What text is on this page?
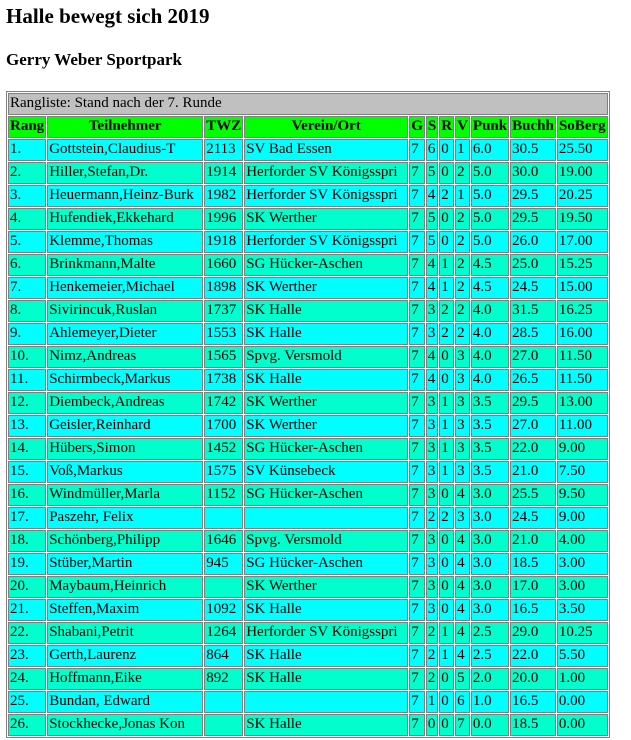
Halle bewegt sich 2019
Gerry Weber Sportpark
Rangliste: Stand nach der 7. Runde										
Rang	Teilnehmer	TWZ	Verein/Ort	G	S	R	V	Punk	Buchh	SoBerg
1.	Gottstein,Claudius-T	2113	SV Bad Essen	7	6	0	1	6.0	30.5	25.50
2.	Hiller,Stefan,Dr.	1914	Herforder SV Königsspri	7	5	0	2	5.0	30.0	19.00
3.	Heuermann,Heinz-Burk	1982	Herforder SV Königsspri	7	4	2	1	5.0	29.5	20.25
4.	Hufendiek,Ekkehard	1996	SK Werther	7	5	0	2	5.0	29.5	19.50
5.	Klemme,Thomas	1918	Herforder SV Königsspri	7	5	0	2	5.0	26.0	17.00
6.	Brinkmann,Malte	1660	SG Hücker-Aschen	7	4	1	2	4.5	25.0	15.25
7.	Henkemeier,Michael	1898	SK Werther	7	4	1	2	4.5	24.5	15.00
8.	Sivirincuk,Ruslan	1737	SK Halle	7	3	2	2	4.0	31.5	16.25
9.	Ahlemeyer,Dieter	1553	SK Halle	7	3	2	2	4.0	28.5	16.00
10.	Nimz,Andreas	1565	Spvg. Versmold	7	4	0	3	4.0	27.0	11.50
11.	Schirmbeck,Markus	1738	SK Halle	7	4	0	3	4.0	26.5	11.50
12.	Diembeck,Andreas	1742	SK Werther	7	3	1	3	3.5	29.5	13.00
13.	Geisler,Reinhard	1700	SK Werther	7	3	1	3	3.5	27.0	11.00
14.	Hübers,Simon	1452	SG Hücker-Aschen	7	3	1	3	3.5	22.0	9.00
15.	Voß,Markus	1575	SV Künsebeck	7	3	1	3	3.5	21.0	7.50
16.	Windmüller,Marla	1152	SG Hücker-Aschen	7	3	0	4	3.0	25.5	9.50
17.	Paszehr, Felix			7	2	2	3	3.0	24.5	9.00
18.	Schönberg,Philipp	1646	Spvg. Versmold	7	3	0	4	3.0	21.0	4.00
19.	Stüber,Martin	945	SG Hücker-Aschen	7	3	0	4	3.0	18.5	3.00
20.	Maybaum,Heinrich		SK Werther	7	3	0	4	3.0	17.0	3.00
21.	Steffen,Maxim	1092	SK Halle	7	3	0	4	3.0	16.5	3.50
22.	Shabani,Petrit	1264	Herforder SV Königsspri	7	2	1	4	2.5	29.0	10.25
23.	Gerth,Laurenz	864	SK Halle	7	2	1	4	2.5	22.0	5.50
24.	Hoffmann,Eike	892	SK Halle	7	2	0	5	2.0	20.0	1.00
25.	Bundan, Edward			7	1	0	6	1.0	16.5	0.00
26.	Stockhecke,Jonas Kon		SK Halle	7	0	0	7	0.0	18.5	0.00
